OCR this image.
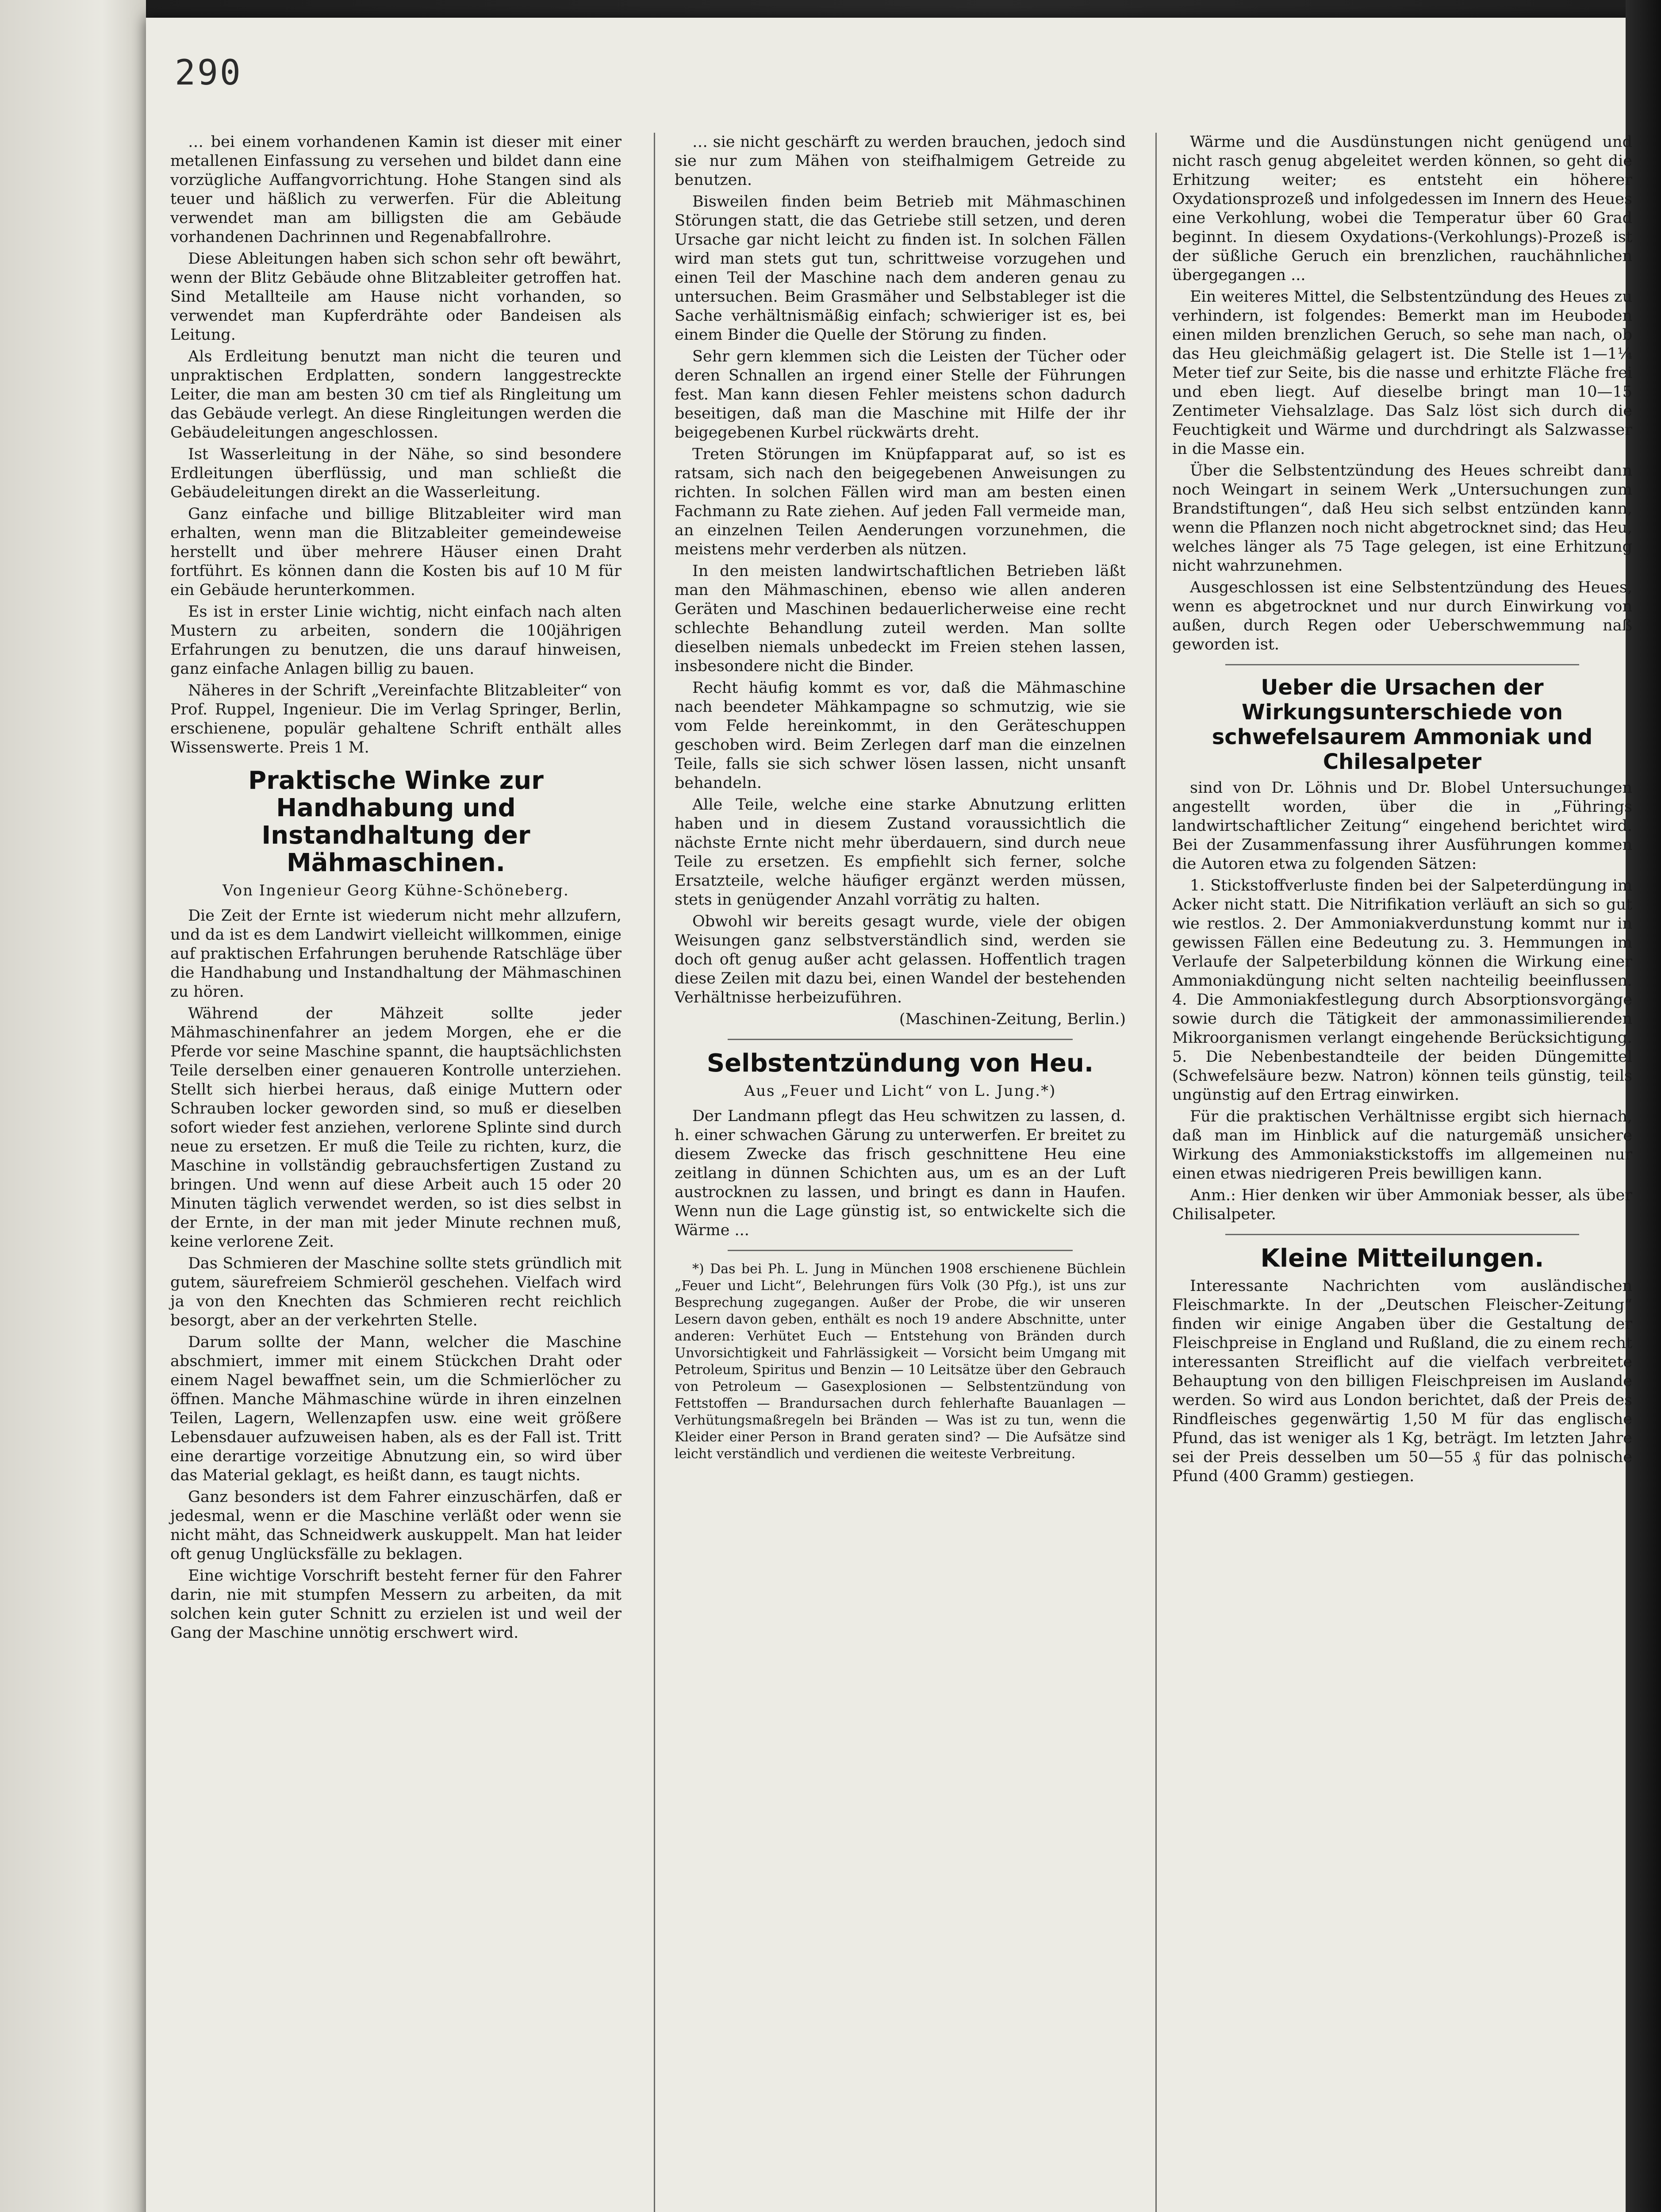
290

… bei einem vorhandenen Kamin ist dieser mit einer metallenen Einfassung zu versehen und bildet dann eine vorzügliche Auffangvorrichtung. Hohe Stangen sind als teuer und häßlich zu verwerfen. Für die Ableitung verwendet man am billigsten die am Gebäude vorhandenen Dachrinnen und Regenabfallrohre.

Diese Ableitungen haben sich schon sehr oft bewährt, wenn der Blitz Gebäude ohne Blitzableiter getroffen hat. Sind Metallteile am Hause nicht vorhanden, so verwendet man Kupferdrähte oder Bandeisen als Leitung.

Als Erdleitung benutzt man nicht die teuren und unpraktischen Erdplatten, sondern langgestreckte Leiter, die man am besten 30 cm tief als Ringleitung um das Gebäude verlegt. An diese Ringleitungen werden die Gebäudeleitungen angeschlossen.

Ist Wasserleitung in der Nähe, so sind besondere Erdleitungen überflüssig, und man schließt die Gebäudeleitungen direkt an die Wasserleitung.

Ganz einfache und billige Blitzableiter wird man erhalten, wenn man die Blitzableiter gemeindeweise herstellt und über mehrere Häuser einen Draht fortführt. Es können dann die Kosten bis auf 10 M für ein Gebäude herunterkommen.

Es ist in erster Linie wichtig, nicht einfach nach alten Mustern zu arbeiten, sondern die 100jährigen Erfahrungen zu benutzen, die uns darauf hinweisen, ganz einfache Anlagen billig zu bauen.

Näheres in der Schrift „Vereinfachte Blitzableiter“ von Prof. Ruppel, Ingenieur. Die im Verlag Springer, Berlin, erschienene, populär gehaltene Schrift enthält alles Wissenswerte. Preis 1 M.

Praktische Winke zur Handhabung und Instandhaltung der Mähmaschinen.
Von Ingenieur Georg Kühne-Schöneberg.

Die Zeit der Ernte ist wiederum nicht mehr allzufern, und da ist es dem Landwirt vielleicht willkommen, einige auf praktischen Erfahrungen beruhende Ratschläge über die Handhabung und Instandhaltung der Mähmaschinen zu hören.

Während der Mähzeit sollte jeder Mähmaschinenfahrer an jedem Morgen, ehe er die Pferde vor seine Maschine spannt, die hauptsächlichsten Teile derselben einer genaueren Kontrolle unterziehen. Stellt sich hierbei heraus, daß einige Muttern oder Schrauben locker geworden sind, so muß er dieselben sofort wieder fest anziehen, verlorene Splinte sind durch neue zu ersetzen. Er muß die Teile zu richten, kurz, die Maschine in vollständig gebrauchsfertigen Zustand zu bringen. Und wenn auf diese Arbeit auch 15 oder 20 Minuten täglich verwendet werden, so ist dies selbst in der Ernte, in der man mit jeder Minute rechnen muß, keine verlorene Zeit.

Das Schmieren der Maschine sollte stets gründlich mit gutem, säurefreiem Schmieröl geschehen. Vielfach wird ja von den Knechten das Schmieren recht reichlich besorgt, aber an der verkehrten Stelle.

Darum sollte der Mann, welcher die Maschine abschmiert, immer mit einem Stückchen Draht oder einem Nagel bewaffnet sein, um die Schmierlöcher zu öffnen. Manche Mähmaschine würde in ihren einzelnen Teilen, Lagern, Wellenzapfen usw. eine weit größere Lebensdauer aufzuweisen haben, als es der Fall ist. Tritt eine derartige vorzeitige Abnutzung ein, so wird über das Material geklagt, es heißt dann, es taugt nichts.

Ganz besonders ist dem Fahrer einzuschärfen, daß er jedesmal, wenn er die Maschine verläßt oder wenn sie nicht mäht, das Schneidwerk auskuppelt. Man hat leider oft genug Unglücksfälle zu beklagen.

Eine wichtige Vorschrift besteht ferner für den Fahrer darin, nie mit stumpfen Messern zu arbeiten, da mit solchen kein guter Schnitt zu erzielen ist und weil der Gang der Maschine unnötig erschwert wird.

… sie nicht geschärft zu werden brauchen, jedoch sind sie nur zum Mähen von steifhalmigem Getreide zu benutzen.

Bisweilen finden beim Betrieb mit Mähmaschinen Störungen statt, die das Getriebe still setzen, und deren Ursache gar nicht leicht zu finden ist. In solchen Fällen wird man stets gut tun, schrittweise vorzugehen und einen Teil der Maschine nach dem anderen genau zu untersuchen. Beim Grasmäher und Selbstableger ist die Sache verhältnismäßig einfach; schwieriger ist es, bei einem Binder die Quelle der Störung zu finden.

Sehr gern klemmen sich die Leisten der Tücher oder deren Schnallen an irgend einer Stelle der Führungen fest. Man kann diesen Fehler meistens schon dadurch beseitigen, daß man die Maschine mit Hilfe der ihr beigegebenen Kurbel rückwärts dreht.

Treten Störungen im Knüpfapparat auf, so ist es ratsam, sich nach den beigegebenen Anweisungen zu richten. In solchen Fällen wird man am besten einen Fachmann zu Rate ziehen. Auf jeden Fall vermeide man, an einzelnen Teilen Aenderungen vorzunehmen, die meistens mehr verderben als nützen.

In den meisten landwirtschaftlichen Betrieben läßt man den Mähmaschinen, ebenso wie allen anderen Geräten und Maschinen bedauerlicherweise eine recht schlechte Behandlung zuteil werden. Man sollte dieselben niemals unbedeckt im Freien stehen lassen, insbesondere nicht die Binder.

Recht häufig kommt es vor, daß die Mähmaschine nach beendeter Mähkampagne so schmutzig, wie sie vom Felde hereinkommt, in den Geräteschuppen geschoben wird. Beim Zerlegen darf man die einzelnen Teile, falls sie sich schwer lösen lassen, nicht unsanft behandeln.

Alle Teile, welche eine starke Abnutzung erlitten haben und in diesem Zustand voraussichtlich die nächste Ernte nicht mehr überdauern, sind durch neue Teile zu ersetzen. Es empfiehlt sich ferner, solche Ersatzteile, welche häufiger ergänzt werden müssen, stets in genügender Anzahl vorrätig zu halten.

Obwohl wir bereits gesagt wurde, viele der obigen Weisungen ganz selbstverständlich sind, werden sie doch oft genug außer acht gelassen. Hoffentlich tragen diese Zeilen mit dazu bei, einen Wandel der bestehenden Verhältnisse herbeizuführen.

(Maschinen-Zeitung, Berlin.)

Selbstentzündung von Heu.
Aus „Feuer und Licht“ von L. Jung.*)

Der Landmann pflegt das Heu schwitzen zu lassen, d. h. einer schwachen Gärung zu unterwerfen. Er breitet zu diesem Zwecke das frisch geschnittene Heu eine zeitlang in dünnen Schichten aus, um es an der Luft austrocknen zu lassen, und bringt es dann in Haufen. Wenn nun die Lage günstig ist, so entwickelte sich die Wärme ...

*) Das bei Ph. L. Jung in München 1908 erschienene Büchlein „Feuer und Licht“, Belehrungen fürs Volk (30 Pfg.), ist uns zur Besprechung zugegangen. Außer der Probe, die wir unseren Lesern davon geben, enthält es noch 19 andere Abschnitte, unter anderen: Verhütet Euch — Entstehung von Bränden durch Unvorsichtigkeit und Fahrlässigkeit — Vorsicht beim Umgang mit Petroleum, Spiritus und Benzin — 10 Leitsätze über den Gebrauch von Petroleum — Gasexplosionen — Selbstentzündung von Fettstoffen — Brandursachen durch fehlerhafte Bauanlagen — Verhütungsmaßregeln bei Bränden — Was ist zu tun, wenn die Kleider einer Person in Brand geraten sind? — Die Aufsätze sind leicht verständlich und verdienen die weiteste Verbreitung.

Wärme und die Ausdünstungen nicht genügend und nicht rasch genug abgeleitet werden können, so geht die Erhitzung weiter; es entsteht ein höherer Oxydationsprozeß und infolgedessen im Innern des Heues eine Verkohlung, wobei die Temperatur über 60 Grad beginnt. In diesem Oxydations-(Verkohlungs)-Prozeß ist der süßliche Geruch ein brenzlichen, rauchähnlichen übergegangen ...

Ein weiteres Mittel, die Selbstentzündung des Heues zu verhindern, ist folgendes: Bemerkt man im Heuboden einen milden brenzlichen Geruch, so sehe man nach, ob das Heu gleichmäßig gelagert ist. Die Stelle ist 1—1¼ Meter tief zur Seite, bis die nasse und erhitzte Fläche frei und eben liegt. Auf dieselbe bringt man 10—15 Zentimeter Viehsalzlage. Das Salz löst sich durch die Feuchtigkeit und Wärme und durchdringt als Salzwasser in die Masse ein.

Über die Selbstentzündung des Heues schreibt dann noch Weingart in seinem Werk „Untersuchungen zum Brandstiftungen“, daß Heu sich selbst entzünden kann, wenn die Pflanzen noch nicht abgetrocknet sind; das Heu, welches länger als 75 Tage gelegen, ist eine Erhitzung nicht wahrzunehmen.

Ausgeschlossen ist eine Selbstentzündung des Heues, wenn es abgetrocknet und nur durch Einwirkung von außen, durch Regen oder Ueberschwemmung naß geworden ist.

Ueber die Ursachen der Wirkungsunterschiede von schwefelsaurem Ammoniak und Chilesalpeter

sind von Dr. Löhnis und Dr. Blobel Untersuchungen angestellt worden, über die in „Führings landwirtschaftlicher Zeitung“ eingehend berichtet wird. Bei der Zusammenfassung ihrer Ausführungen kommen die Autoren etwa zu folgenden Sätzen:

1. Stickstoffverluste finden bei der Salpeterdüngung im Acker nicht statt. Die Nitrifikation verläuft an sich so gut wie restlos. 2. Der Ammoniakverdunstung kommt nur in gewissen Fällen eine Bedeutung zu. 3. Hemmungen im Verlaufe der Salpeterbildung können die Wirkung einer Ammoniakdüngung nicht selten nachteilig beeinflussen. 4. Die Ammoniakfestlegung durch Absorptionsvorgänge sowie durch die Tätigkeit der ammonassimilierenden Mikroorganismen verlangt eingehende Berücksichtigung. 5. Die Nebenbestandteile der beiden Düngemittel (Schwefelsäure bezw. Natron) können teils günstig, teils ungünstig auf den Ertrag einwirken.

Für die praktischen Verhältnisse ergibt sich hiernach, daß man im Hinblick auf die naturgemäß unsichere Wirkung des Ammoniakstickstoffs im allgemeinen nur einen etwas niedrigeren Preis bewilligen kann.

Anm.: Hier denken wir über Ammoniak besser, als über Chilisalpeter.

Kleine Mitteilungen.

Interessante Nachrichten vom ausländischen Fleischmarkte. In der „Deutschen Fleischer-Zeitung“ finden wir einige Angaben über die Gestaltung der Fleischpreise in England und Rußland, die zu einem recht interessanten Streiflicht auf die vielfach verbreitete Behauptung von den billigen Fleischpreisen im Auslande werden. So wird aus London berichtet, daß der Preis des Rindfleisches gegenwärtig 1,50 M für das englische Pfund, das ist weniger als 1 Kg, beträgt. Im letzten Jahre sei der Preis desselben um 50—55 ₰ für das polnische Pfund (400 Gramm) gestiegen.
